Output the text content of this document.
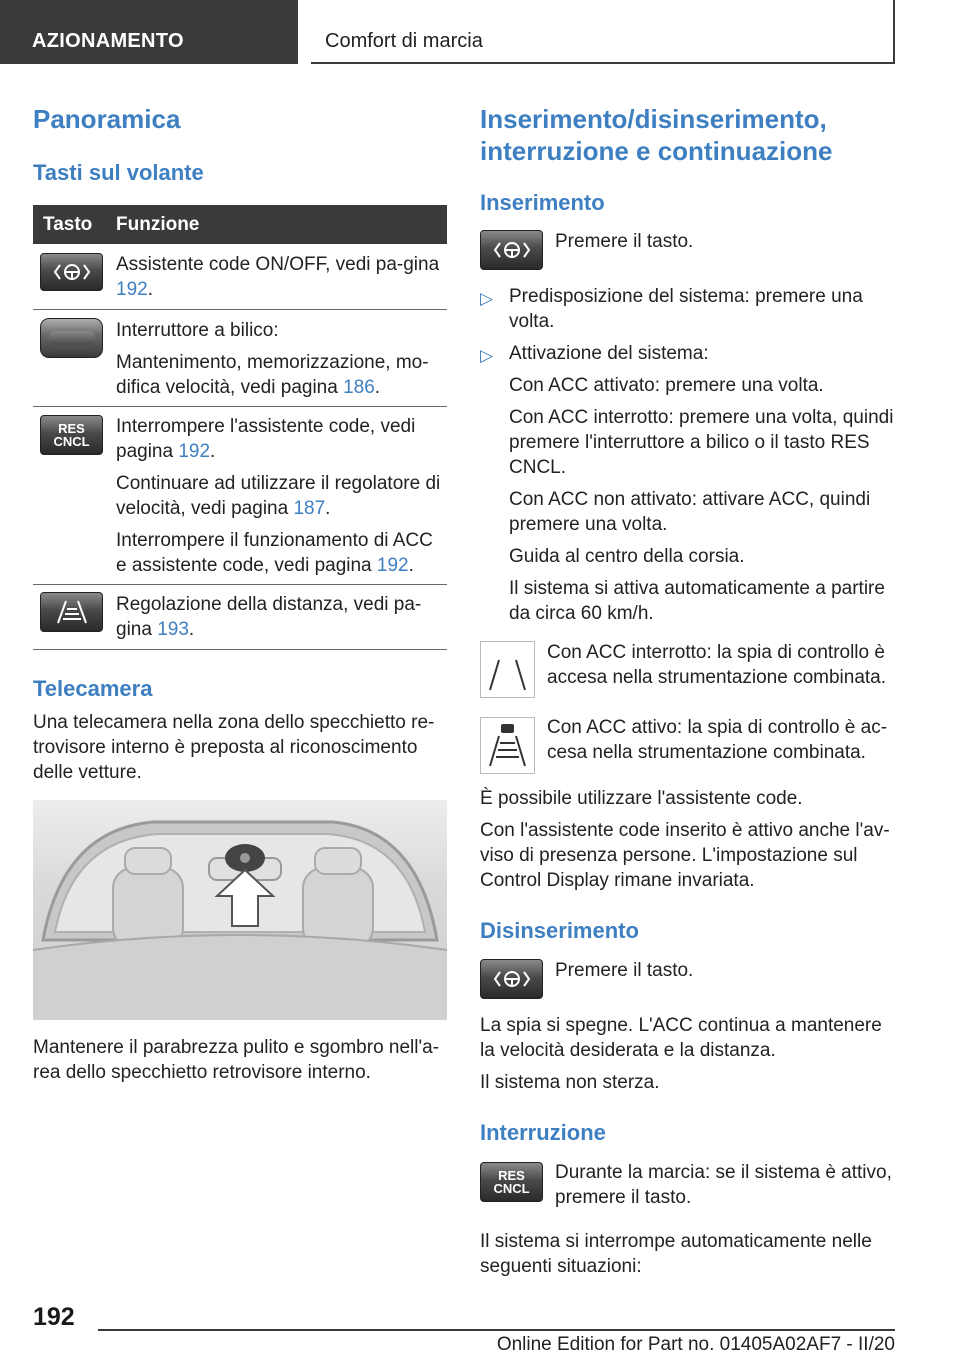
AZIONAMENTO	Comfort di marcia
Panoramica
Tasti sul volante
Tasto Funzione

Assistente code ON/OFF, vedi pa-gina 192.

Interruttore a bilico:

Mantenimento, memorizzazione, mo-difica velocità, vedi pagina 186.

RES
CNCL

Interrompere l'assistente code, vedi pagina 192.

Continuare ad utilizzare il regolatore di velocità, vedi pagina 187.

Interrompere il funzionamento di ACC e assistente code, vedi pagina 192.

Regolazione della distanza, vedi pa-gina 193.

Telecamera
Una telecamera nella zona dello specchietto re-trovisore interno è preposta al riconoscimento delle vetture.
Mantenere il parabrezza pulito e sgombro nell'a-rea dello specchietto retrovisore interno.
Inserimento/disinserimento, interruzione e continuazione
Inserimento
Premere il tasto.
▷ Predisposizione del sistema: premere una volta.
▷ Attivazione del sistema:
Con ACC attivato: premere una volta.
Con ACC interrotto: premere una volta, quindi premere l'interruttore a bilico o il tasto RES CNCL.
Con ACC non attivato: attivare ACC, quindi premere una volta.
Guida al centro della corsia.
Il sistema si attiva automaticamente a partire da circa 60 km/h.
Con ACC interrotto: la spia di controllo è accesa nella strumentazione combinata.
Con ACC attivo: la spia di controllo è ac-cesa nella strumentazione combinata.
È possibile utilizzare l'assistente code.
Con l'assistente code inserito è attivo anche l'av-viso di presenza persone. L'impostazione sul Control Display rimane invariata.
Disinserimento
Premere il tasto.
La spia si spegne. L'ACC continua a mantenere la velocità desiderata e la distanza.
Il sistema non sterza.
Interruzione
RES
CNCL
Durante la marcia: se il sistema è attivo, premere il tasto.
Il sistema si interrompe automaticamente nelle seguenti situazioni:
192
Online Edition for Part no. 01405A02AF7 - II/20
